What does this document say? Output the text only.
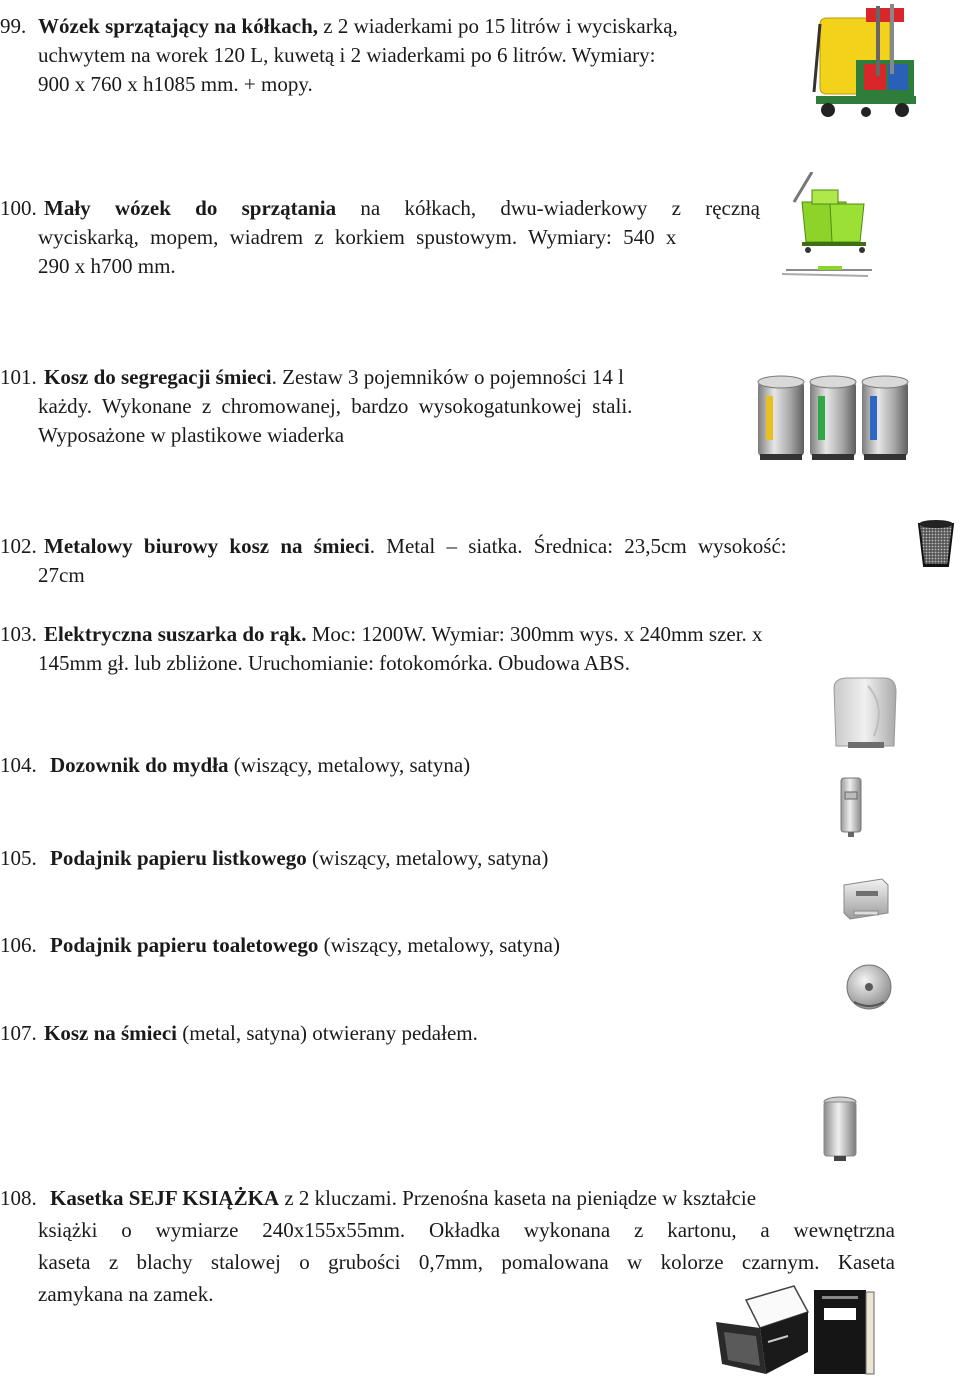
99. Wózek sprzątający na kółkach, z 2 wiaderkami po 15 litrów i wyciskarką,
uchwytem na worek 120 L, kuwetą i 2 wiaderkami po 6 litrów. Wymiary:
900 x 760 x h1085 mm. + mopy.
100. Mały wózek do sprzątania na kółkach, dwu-wiaderkowy z ręczną
wyciskarką, mopem, wiadrem z korkiem spustowym. Wymiary: 540 x
290 x h700 mm.
101. Kosz do segregacji śmieci. Zestaw 3 pojemników o pojemności 14 l
każdy. Wykonane z chromowanej, bardzo wysokogatunkowej stali.
Wyposażone w plastikowe wiaderka
102. Metalowy biurowy kosz na śmieci. Metal – siatka. Średnica: 23,5cm wysokość:
27cm
103. Elektryczna suszarka do rąk. Moc: 1200W. Wymiar: 300mm wys. x 240mm szer. x
145mm gł. lub zbliżone. Uruchomianie: fotokomórka. Obudowa ABS.
104. Dozownik do mydła (wiszący, metalowy, satyna)
105. Podajnik papieru listkowego (wiszący, metalowy, satyna)
106. Podajnik papieru toaletowego (wiszący, metalowy, satyna)
107. Kosz na śmieci (metal, satyna) otwierany pedałem.
108. Kasetka SEJF KSIĄŻKA z 2 kluczami. Przenośna kaseta na pieniądze w kształcie
książki o wymiarze 240x155x55mm. Okładka wykonana z kartonu, a wewnętrzna
kaseta z blachy stalowej o grubości 0,7mm, pomalowana w kolorze czarnym. Kaseta
zamykana na zamek.
